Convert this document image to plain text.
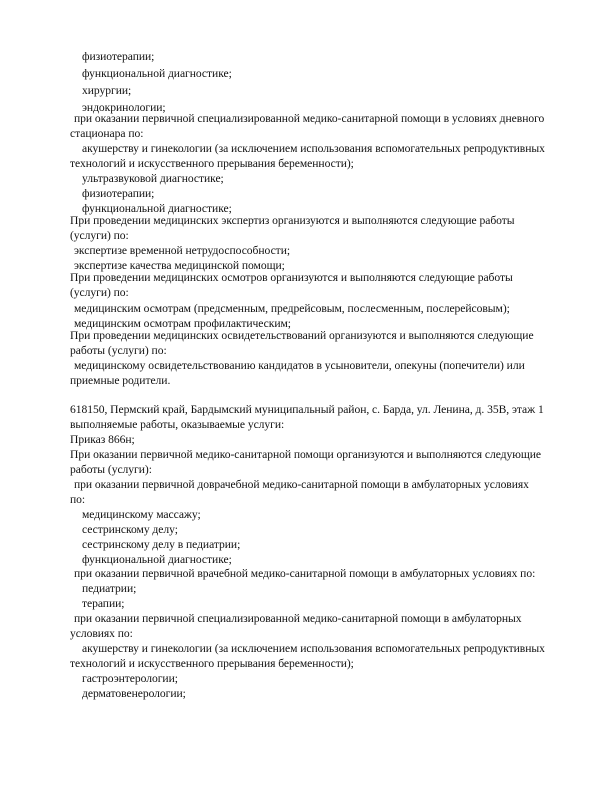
физиотерапии;
функциональной диагностике;
хирургии;
эндокринологии;
при оказании первичной специализированной медико-санитарной помощи в условиях дневного
стационара по:
акушерству и гинекологии (за исключением использования вспомогательных репродуктивных
технологий и искусственного прерывания беременности);
ультразвуковой диагностике;
физиотерапии;
функциональной диагностике;
При проведении медицинских экспертиз организуются и выполняются следующие работы
(услуги) по:
экспертизе временной нетрудоспособности;
экспертизе качества медицинской помощи;
При проведении медицинских осмотров организуются и выполняются следующие работы
(услуги) по:
медицинским осмотрам (предсменным, предрейсовым, послесменным, послерейсовым);
медицинским осмотрам профилактическим;
При проведении медицинских освидетельствований организуются и выполняются следующие
работы (услуги) по:
медицинскому освидетельствованию кандидатов в усыновители, опекуны (попечители) или
приемные родители.
618150, Пермский край, Бардымский муниципальный район, с. Барда, ул. Ленина, д. 35В, этаж 1
выполняемые работы, оказываемые услуги:
Приказ 866н;
При оказании первичной медико-санитарной помощи организуются и выполняются следующие
работы (услуги):
при оказании первичной доврачебной медико-санитарной помощи в амбулаторных условиях
по:
медицинскому массажу;
сестринскому делу;
сестринскому делу в педиатрии;
функциональной диагностике;
при оказании первичной врачебной медико-санитарной помощи в амбулаторных условиях по:
педиатрии;
терапии;
при оказании первичной специализированной медико-санитарной помощи в амбулаторных
условиях по:
акушерству и гинекологии (за исключением использования вспомогательных репродуктивных
технологий и искусственного прерывания беременности);
гастроэнтерологии;
дерматовенерологии;
